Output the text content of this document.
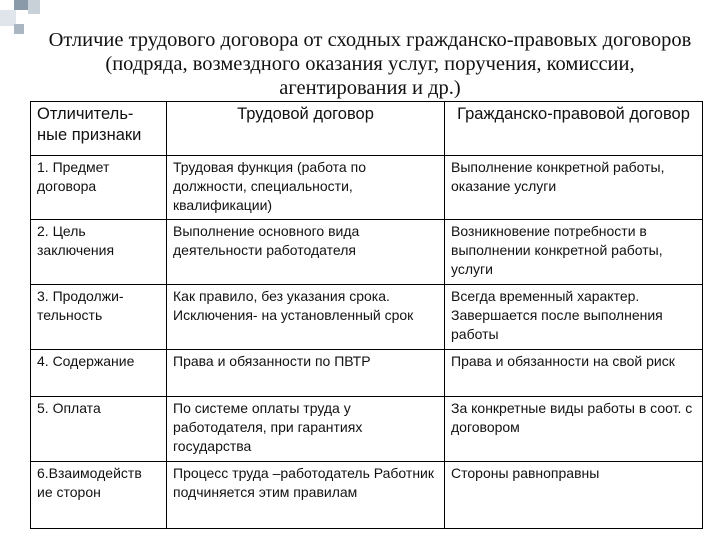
Отличие трудового договора от сходных гражданско-правовых договоров (подряда, возмездного оказания услуг, поручения, комиссии, агентирования и др.)
Отличитель-ные признаки	Трудовой договор	Гражданско-правовой договор
1. Предмет договора	Трудовая функция (работа по должности, специальности, квалификации)	Выполнение конкретной работы, оказание услуги
2. Цель заключения	Выполнение основного вида деятельности работодателя	Возникновение потребности в выполнении конкретной работы, услуги
3. Продолжи-тельность	Как правило, без указания срока. Исключения- на установленный срок	Всегда временный характер. Завершается после выполнения работы
4. Содержание	Права и обязанности по ПВТР	Права и обязанности на свой риск
5. Оплата	По системе оплаты труда у работодателя, при гарантиях государства	За конкретные виды работы в соот. с договором
6.Взаимодейств ие сторон	Процесс труда –работодатель Работник подчиняется этим правилам	Стороны равноправны
